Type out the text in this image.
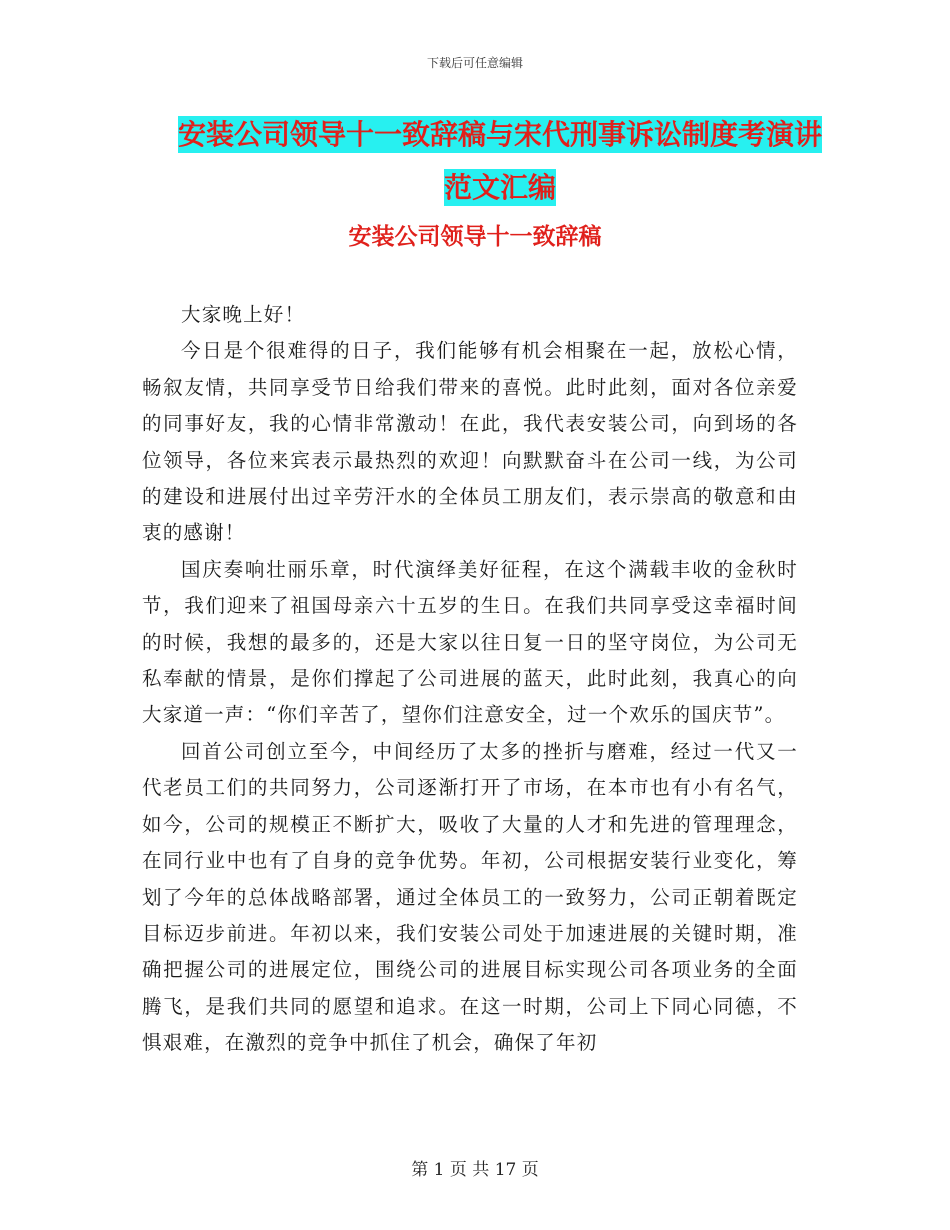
下载后可任意编辑
安装公司领导十一致辞稿与宋代刑事诉讼制度考演讲
范文汇编
安装公司领导十一致辞稿

大家晚上好！

今日是个很难得的日子，我们能够有机会相聚在一起，放松心情，畅叙友情，共同享受节日给我们带来的喜悦。此时此刻，面对各位亲爱的同事好友，我的心情非常激动！在此，我代表安装公司，向到场的各位领导，各位来宾表示最热烈的欢迎！向默默奋斗在公司一线，为公司的建设和进展付出过辛劳汗水的全体员工朋友们，表示崇高的敬意和由衷的感谢！

国庆奏响壮丽乐章，时代演绎美好征程，在这个满载丰收的金秋时节，我们迎来了祖国母亲六十五岁的生日。在我们共同享受这幸福时间的时候，我想的最多的，还是大家以往日复一日的坚守岗位，为公司无私奉献的情景，是你们撑起了公司进展的蓝天，此时此刻，我真心的向大家道一声：“你们辛苦了，望你们注意安全，过一个欢乐的国庆节”。

回首公司创立至今，中间经历了太多的挫折与磨难，经过一代又一代老员工们的共同努力，公司逐渐打开了市场，在本市也有小有名气，如今，公司的规模正不断扩大，吸收了大量的人才和先进的管理理念，在同行业中也有了自身的竞争优势。年初，公司根据安装行业变化，筹划了今年的总体战略部署，通过全体员工的一致努力，公司正朝着既定目标迈步前进。年初以来，我们安装公司处于加速进展的关键时期，准确把握公司的进展定位，围绕公司的进展目标实现公司各项业务的全面腾飞，是我们共同的愿望和追求。在这一时期，公司上下同心同德，不惧艰难，在激烈的竞争中抓住了机会，确保了年初

第 1 页 共 17 页
